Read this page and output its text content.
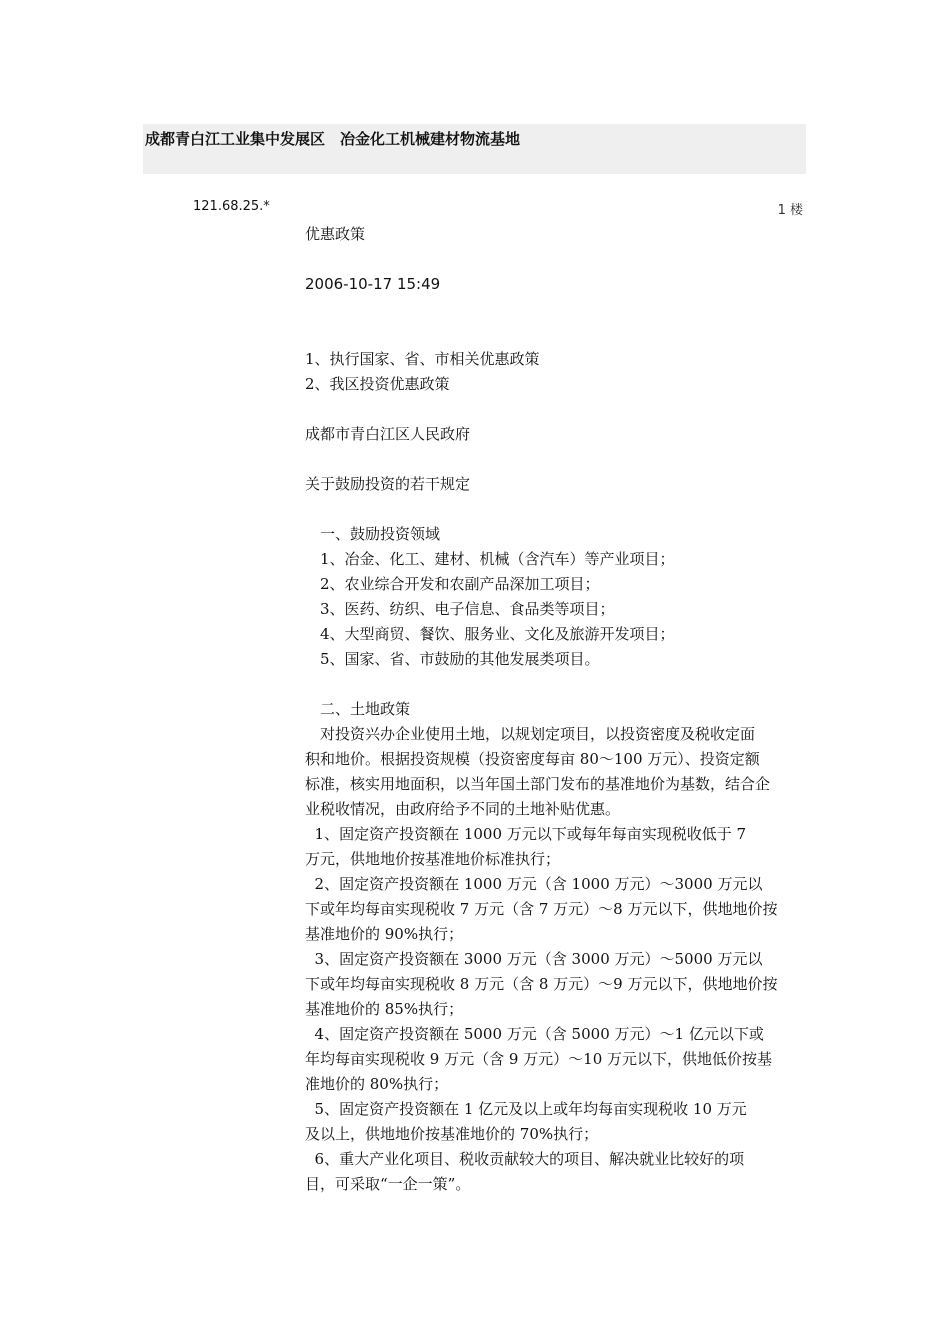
成都青白江工业集中发展区　冶金化工机械建材物流基地
121.68.25.*	1 楼

优惠政策

2006-10-17 15:49

1、执行国家、省、市相关优惠政策

2、我区投资优惠政策

成都市青白江区人民政府

关于鼓励投资的若干规定

一、鼓励投资领域

1、冶金、化工、建材、机械（含汽车）等产业项目；

2、农业综合开发和农副产品深加工项目；

3、医药、纺织、电子信息、食品类等项目；

4、大型商贸、餐饮、服务业、文化及旅游开发项目；

5、国家、省、市鼓励的其他发展类项目。

二、土地政策

　对投资兴办企业使用土地，以规划定项目，以投资密度及税收定面

积和地价。根据投资规模（投资密度每亩 80～100 万元）、投资定额

标准，核实用地面积，以当年国土部门发布的基准地价为基数，结合企

业税收情况，由政府给予不同的土地补贴优惠。

1、固定资产投资额在 1000 万元以下或每年每亩实现税收低于 7

万元，供地地价按基准地价标准执行；

2、固定资产投资额在 1000 万元（含 1000 万元）～3000 万元以

下或年均每亩实现税收 7 万元（含 7 万元）～8 万元以下，供地地价按

基准地价的 90%执行；

3、固定资产投资额在 3000 万元（含 3000 万元）～5000 万元以

下或年均每亩实现税收 8 万元（含 8 万元）～9 万元以下，供地地价按

基准地价的 85%执行；

4、固定资产投资额在 5000 万元（含 5000 万元）～1 亿元以下或

年均每亩实现税收 9 万元（含 9 万元）～10 万元以下，供地低价按基

准地价的 80%执行；

5、固定资产投资额在 1 亿元及以上或年均每亩实现税收 10 万元

及以上，供地地价按基准地价的 70%执行；

6、重大产业化项目、税收贡献较大的项目、解决就业比较好的项

目，可采取“一企一策”。
